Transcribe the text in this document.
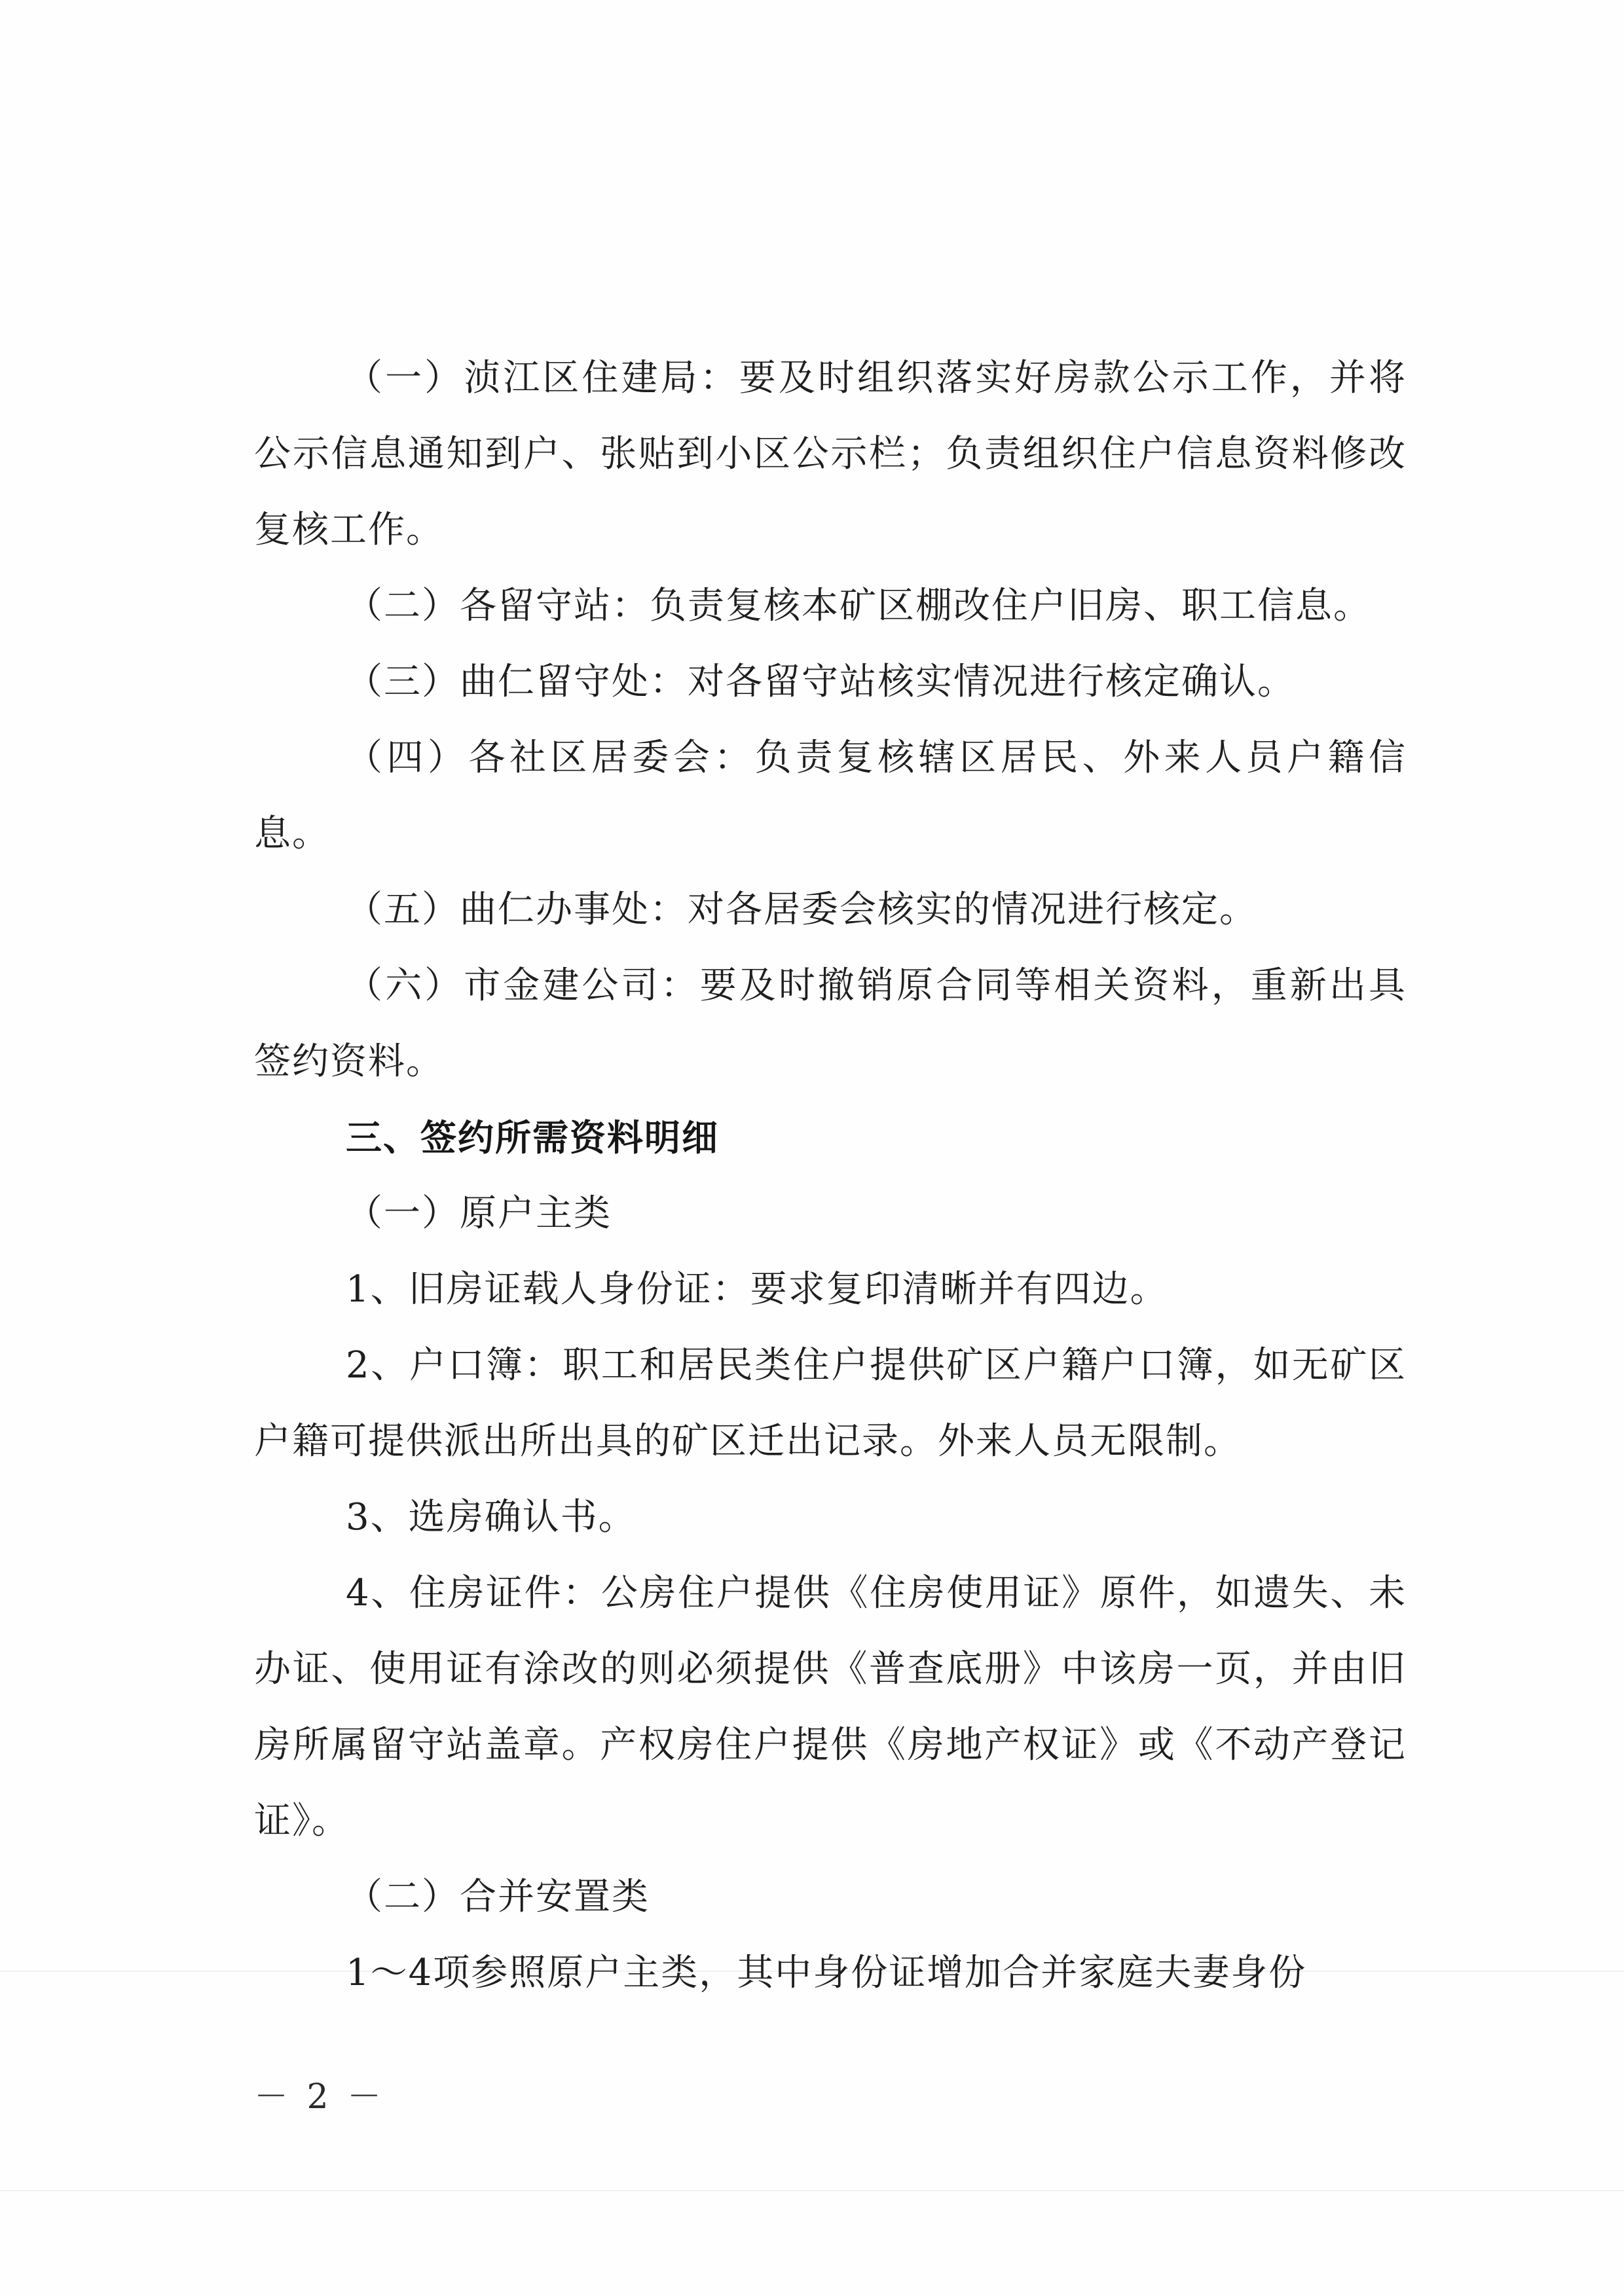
（一）浈江区住建局：要及时组织落实好房款公示工作，并将公示信息通知到户、张贴到小区公示栏；负责组织住户信息资料修改复核工作。

（二）各留守站：负责复核本矿区棚改住户旧房、职工信息。

（三）曲仁留守处：对各留守站核实情况进行核定确认。

（四）各社区居委会：负责复核辖区居民、外来人员户籍信息。

（五）曲仁办事处：对各居委会核实的情况进行核定。

（六）市金建公司：要及时撤销原合同等相关资料，重新出具签约资料。

三、签约所需资料明细

（一）原户主类

1、旧房证载人身份证：要求复印清晰并有四边。

2、户口簿：职工和居民类住户提供矿区户籍户口簿，如无矿区户籍可提供派出所出具的矿区迁出记录。外来人员无限制。

3、选房确认书。

4、住房证件：公房住户提供《住房使用证》原件，如遗失、未办证、使用证有涂改的则必须提供《普查底册》中该房一页，并由旧房所属留守站盖章。产权房住户提供《房地产权证》或《不动产登记证》。

（二）合并安置类

1～4项参照原户主类，其中身份证增加合并家庭夫妻身份

－ 2 －
